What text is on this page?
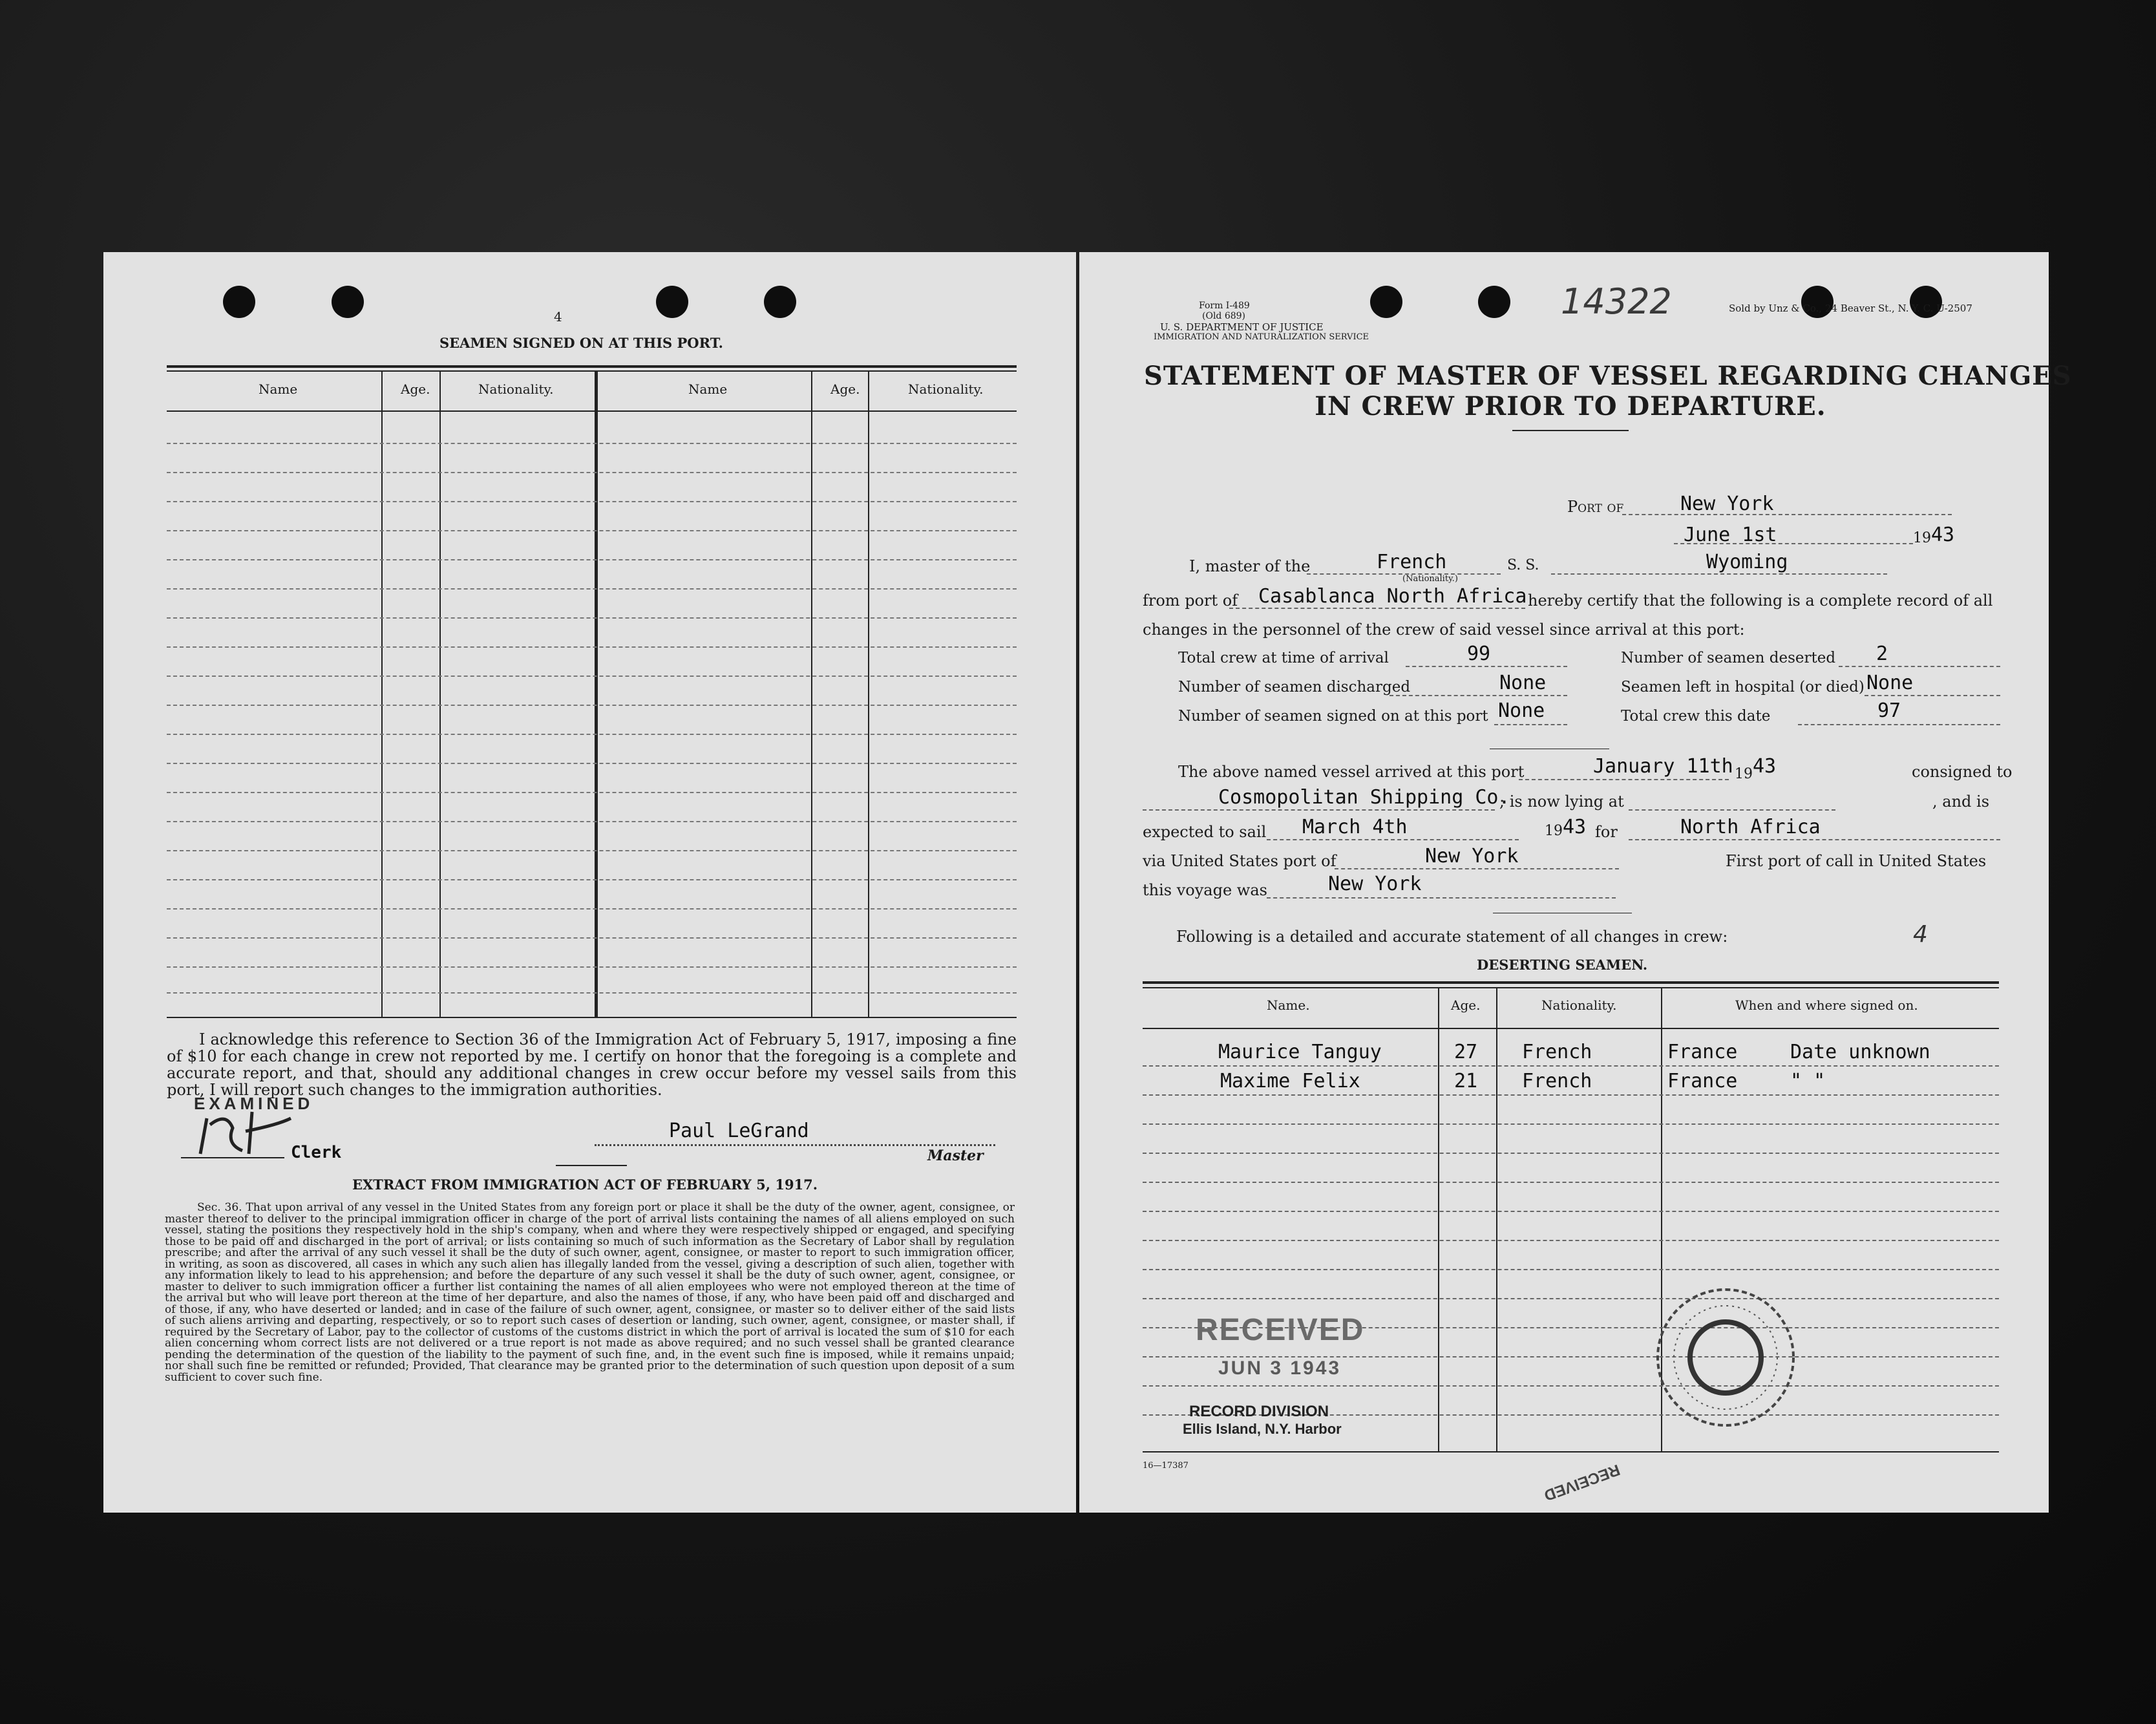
4
SEAMEN SIGNED ON AT THIS PORT.
Name	Age.	Nationality.	Name	Age.	Nationality.
I acknowledge this reference to Section 36 of the Immigration Act of February 5, 1917, imposing a fine of $10 for each change in crew not reported by me. I certify on honor that the foregoing is a complete and accurate report, and that, should any additional changes in crew occur before my vessel sails from this port, I will report such changes to the immigration authorities.
EXAMINED
Clerk
Paul LeGrand
Master
EXTRACT FROM IMMIGRATION ACT OF FEBRUARY 5, 1917.
Sec. 36. That upon arrival of any vessel in the United States from any foreign port or place it shall be the duty of the owner, agent, consignee, or master thereof to deliver to the principal immigration officer in charge of the port of arrival lists containing the names of all aliens employed on such vessel, stating the positions they respectively hold in the ship's company, when and where they were respectively shipped or engaged, and specifying those to be paid off and discharged in the port of arrival; or lists containing so much of such information as the Secretary of Labor shall by regulation prescribe; and after the arrival of any such vessel it shall be the duty of such owner, agent, consignee, or master to report to such immigration officer, in writing, as soon as discovered, all cases in which any such alien has illegally landed from the vessel, giving a description of such alien, together with any information likely to lead to his apprehension; and before the departure of any such vessel it shall be the duty of such owner, agent, consignee, or master to deliver to such immigration officer a further list containing the names of all alien employees who were not employed thereon at the time of the arrival but who will leave port thereon at the time of her departure, and also the names of those, if any, who have been paid off and discharged and of those, if any, who have deserted or landed; and in case of the failure of such owner, agent, consignee, or master so to deliver either of the said lists of such aliens arriving and departing, respectively, or so to report such cases of desertion or landing, such owner, agent, consignee, or master shall, if required by the Secretary of Labor, pay to the collector of customs of the customs district in which the port of arrival is located the sum of $10 for each alien concerning whom correct lists are not delivered or a true report is not made as above required; and no such vessel shall be granted clearance pending the determination of the question of the liability to the payment of such fine, and, in the event such fine is imposed, while it remains unpaid; nor shall such fine be remitted or refunded; Provided, That clearance may be granted prior to the determination of such question upon deposit of a sum sufficient to cover such fine.
Form I-489
(Old 689)
U. S. DEPARTMENT OF JUSTICE
IMMIGRATION AND NATURALIZATION SERVICE
14322	Sold by Unz & Co., 24 Beaver St., N. Y. C. U-2507
STATEMENT OF MASTER OF VESSEL REGARDING CHANGES
IN CREW PRIOR TO DEPARTURE.
Port of	New York
June 1st	19 43
I, master of the	French
(Nationality.)
S. S.	Wyoming
from port of Casablanca North Africa hereby certify that the following is a complete record of all
changes in the personnel of the crew of said vessel since arrival at this port:
Total crew at time of arrival	99	Number of seamen deserted 2
Number of seamen discharged	None	Seamen left in hospital (or died) None
Number of seamen signed on at this port None	Total crew this date	97
The above named vessel arrived at this port	January 11th 19 43	consigned to
Cosmopolitan Shipping Co.
; is now lying at	, and is
expected to sail March 4th	19 43 for	North Africa
via United States port of	New York	First port of call in United States
this voyage was	New York
Following is a detailed and accurate statement of all changes in crew:	4
DESERTING SEAMEN.
Name.	Age.	Nationality.	When and where signed on.
Maurice Tanguy	27 French	France	Date unknown
Maxime Felix	21 French	France	" "
RECEIVED
JUN 3 1943
RECORD DIVISION
Ellis Island, N.Y. Harbor
16—17387	RECEIVED
